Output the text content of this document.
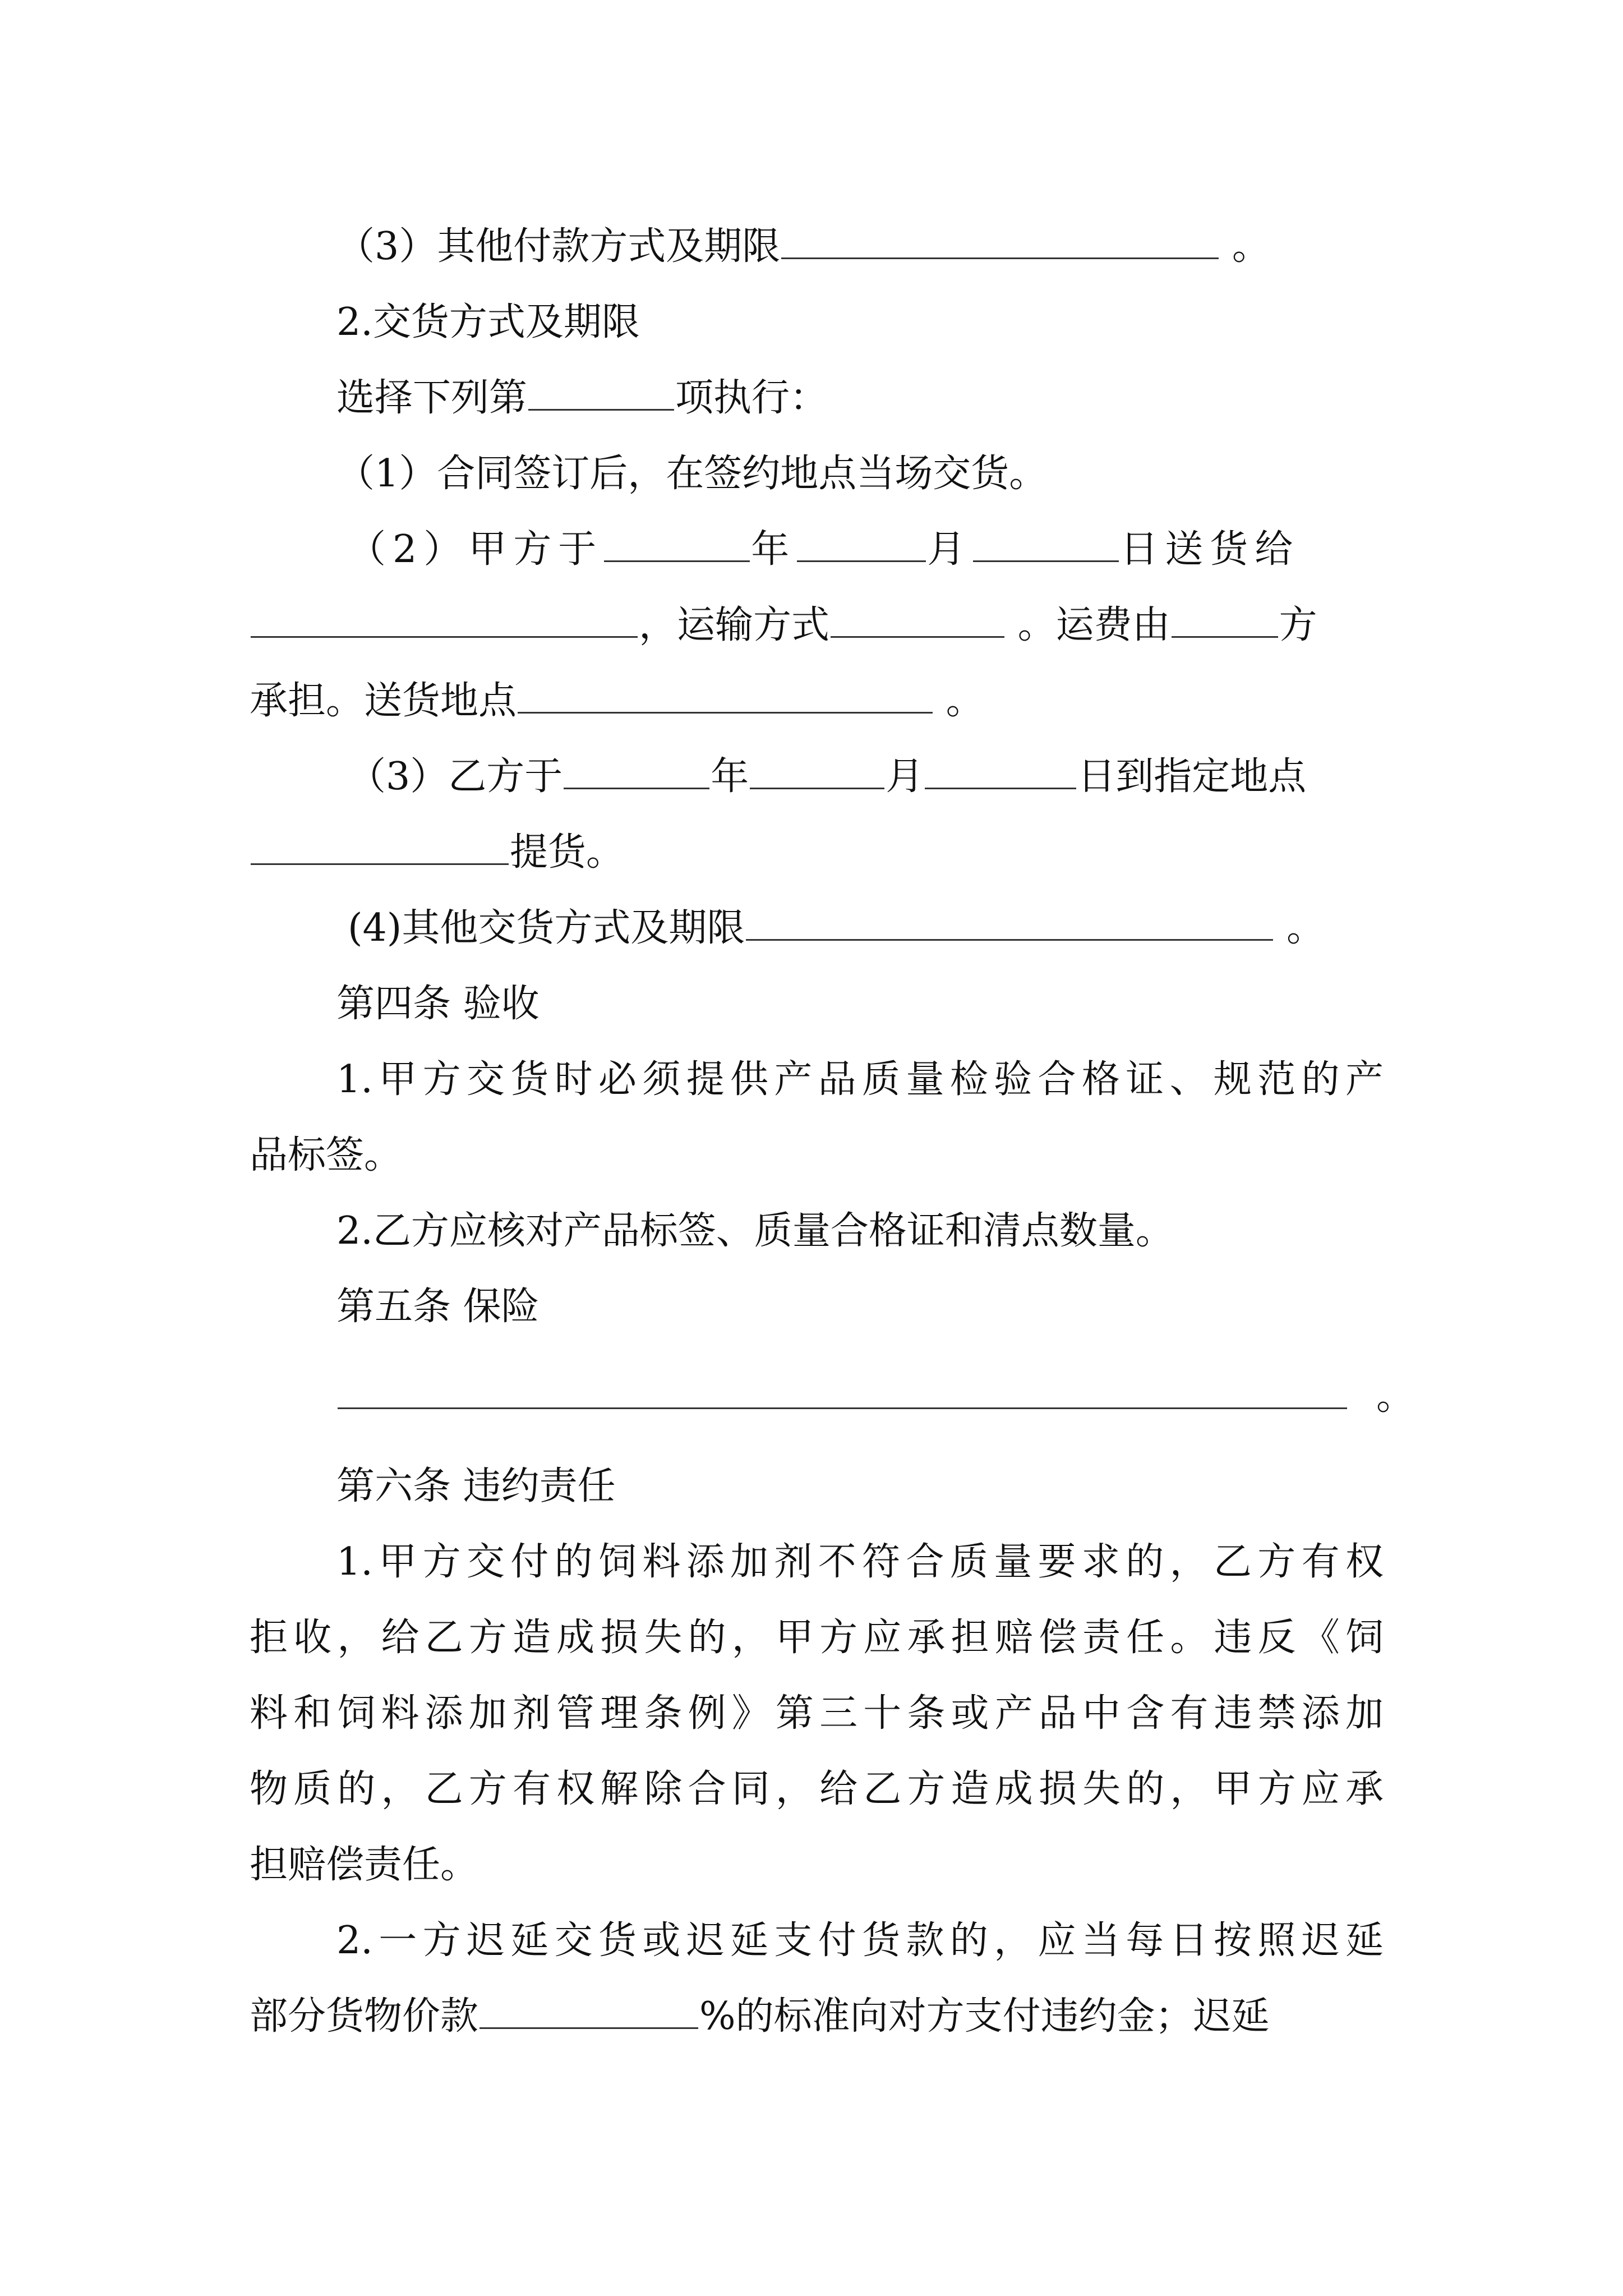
（3）其他付款方式及期限	。
2.交货方式及期限
选择下列第	项执行：
（1）合同签订后，在签约地点当场交货。
（2）甲方于	年	月	日送货给
，运输方式	。运费由	方
承担。送货地点	。
（3）乙方于	年	月	日到指定地点
提货。
(4)其他交货方式及期限	。
第四条 验收
1.甲方交货时必须提供产品质量检验合格证、规范的产
品标签。
2.乙方应核对产品标签、质量合格证和清点数量。
第五条 保险
。
第六条 违约责任
1.甲方交付的饲料添加剂不符合质量要求的，乙方有权
拒收，给乙方造成损失的，甲方应承担赔偿责任。违反《饲
料和饲料添加剂管理条例》第三十条或产品中含有违禁添加
物质的，乙方有权解除合同，给乙方造成损失的，甲方应承
担赔偿责任。
2.一方迟延交货或迟延支付货款的，应当每日按照迟延
部分货物价款	%的标准向对方支付违约金；迟延
